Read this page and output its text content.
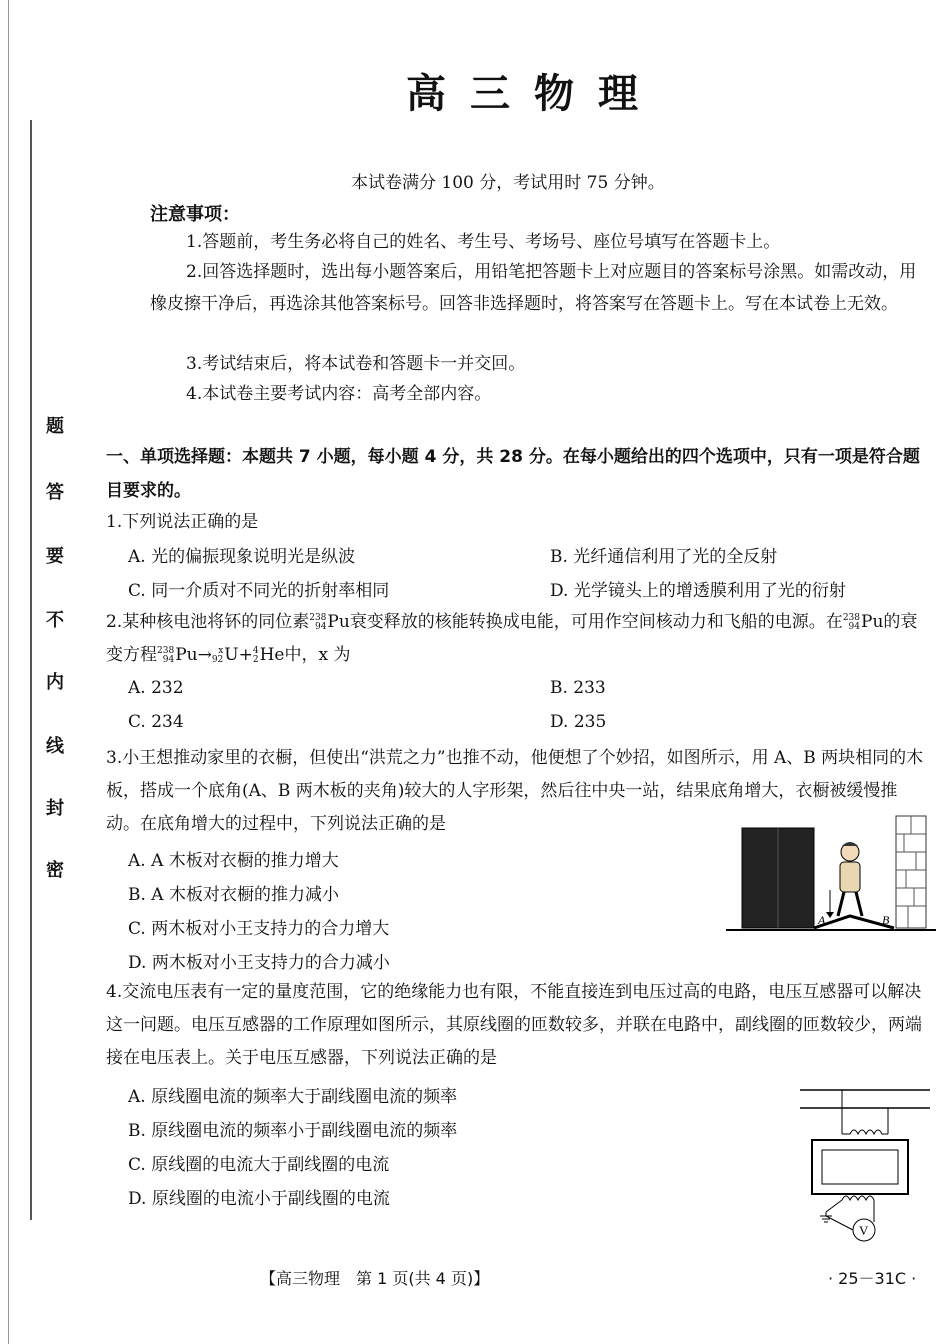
题
答
要
不
内
线
封
密
高三物理
本试卷满分 100 分，考试用时 75 分钟。
注意事项：
1.答题前，考生务必将自己的姓名、考生号、考场号、座位号填写在答题卡上。
2.回答选择题时，选出每小题答案后，用铅笔把答题卡上对应题目的答案标号涂黑。如需改动，用橡皮擦干净后，再选涂其他答案标号。回答非选择题时，将答案写在答题卡上。写在本试卷上无效。
3.考试结束后，将本试卷和答题卡一并交回。
4.本试卷主要考试内容：高考全部内容。
一、单项选择题：本题共 7 小题，每小题 4 分，共 28 分。在每小题给出的四个选项中，只有一项是符合题目要求的。
1.下列说法正确的是
A. 光的偏振现象说明光是纵波	B. 光纤通信利用了光的全反射
C. 同一介质对不同光的折射率相同	D. 光学镜头上的增透膜利用了光的衍射
2.某种核电池将钚的同位素 238
94 Pu衰变释放的核能转换成电能，可用作空间核动力和飞船的电源。在 238
94 Pu的衰变方程 238
94 Pu→ x
92 U+ 4
2 He中，x 为
A. 232	B. 233
C. 234	D. 235
3.小王想推动家里的衣橱，但使出“洪荒之力”也推不动，他便想了个妙招，如图所示，用 A、B 两块相同的木板，搭成一个底角(A、B 两木板的夹角)较大的人字形架，然后往中央一站，结果底角增大，衣橱被缓慢推动。在底角增大的过程中，下列说法正确的是
A. A 木板对衣橱的推力增大
B. A 木板对衣橱的推力减小
C. 两木板对小王支持力的合力增大
D. 两木板对小王支持力的合力减小
A	B
4.交流电压表有一定的量度范围，它的绝缘能力也有限，不能直接连到电压过高的电路，电压互感器可以解决这一问题。电压互感器的工作原理如图所示，其原线圈的匝数较多，并联在电路中，副线圈的匝数较少，两端接在电压表上。关于电压互感器，下列说法正确的是
A. 原线圈电流的频率大于副线圈电流的频率
B. 原线圈电流的频率小于副线圈电流的频率
C. 原线圈的电流大于副线圈的电流
D. 原线圈的电流小于副线圈的电流
V
【高三物理　第 1 页(共 4 页)】	· 25－31C ·
